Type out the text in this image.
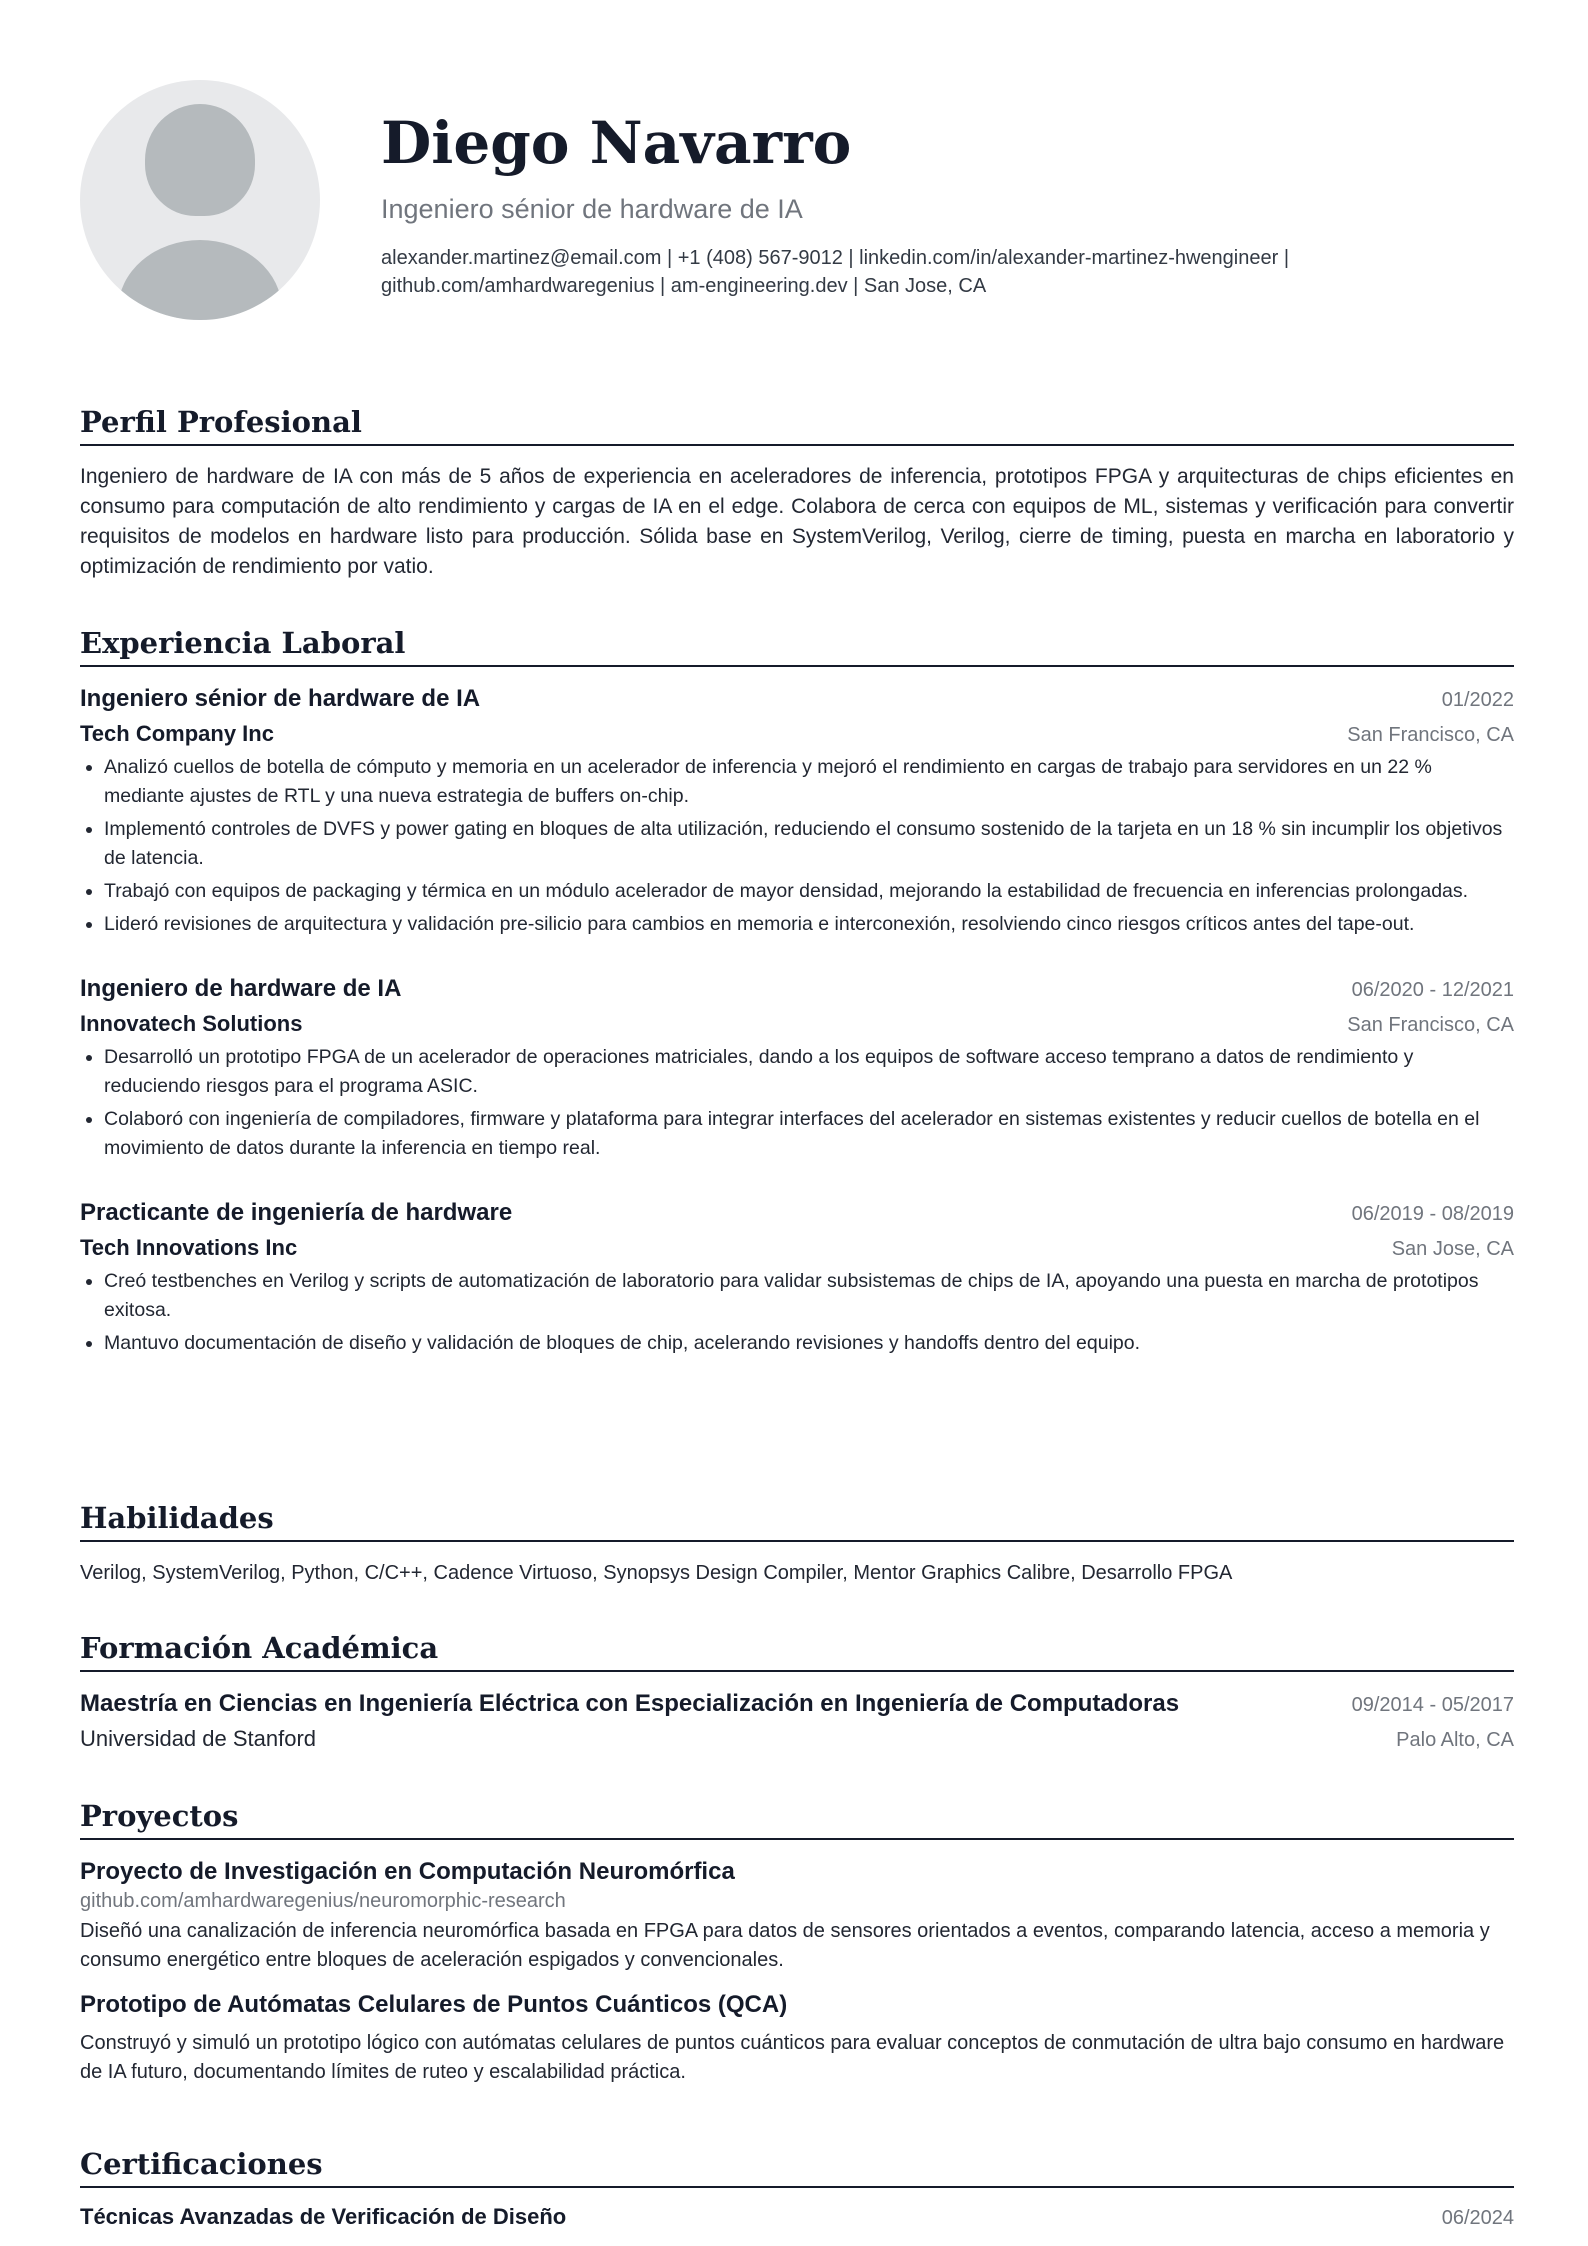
Diego Navarro
Ingeniero sénior de hardware de IA
alexander.martinez@email.com | +1 (408) 567-9012 | linkedin.com/in/alexander-martinez-hwengineer |
github.com/amhardwaregenius | am-engineering.dev | San Jose, CA
Perfil Profesional
Ingeniero de hardware de IA con más de 5 años de experiencia en aceleradores de inferencia, prototipos FPGA y arquitecturas de chips eficientes en consumo para computación de alto rendimiento y cargas de IA en el edge. Colabora de cerca con equipos de ML, sistemas y verificación para convertir requisitos de modelos en hardware listo para producción. Sólida base en SystemVerilog, Verilog, cierre de timing, puesta en marcha en laboratorio y optimización de rendimiento por vatio.
Experiencia Laboral
Ingeniero sénior de hardware de IA	01/2022
Tech Company Inc	San Francisco, CA
• Analizó cuellos de botella de cómputo y memoria en un acelerador de inferencia y mejoró el rendimiento en cargas de trabajo para servidores en un 22 % mediante ajustes de RTL y una nueva estrategia de buffers on-chip.
• Implementó controles de DVFS y power gating en bloques de alta utilización, reduciendo el consumo sostenido de la tarjeta en un 18 % sin incumplir los objetivos de latencia.
• Trabajó con equipos de packaging y térmica en un módulo acelerador de mayor densidad, mejorando la estabilidad de frecuencia en inferencias prolongadas.
• Lideró revisiones de arquitectura y validación pre-silicio para cambios en memoria e interconexión, resolviendo cinco riesgos críticos antes del tape-out.
Ingeniero de hardware de IA	06/2020 - 12/2021
Innovatech Solutions	San Francisco, CA
• Desarrolló un prototipo FPGA de un acelerador de operaciones matriciales, dando a los equipos de software acceso temprano a datos de rendimiento y reduciendo riesgos para el programa ASIC.
• Colaboró con ingeniería de compiladores, firmware y plataforma para integrar interfaces del acelerador en sistemas existentes y reducir cuellos de botella en el movimiento de datos durante la inferencia en tiempo real.
Practicante de ingeniería de hardware	06/2019 - 08/2019
Tech Innovations Inc	San Jose, CA
• Creó testbenches en Verilog y scripts de automatización de laboratorio para validar subsistemas de chips de IA, apoyando una puesta en marcha de prototipos exitosa.
• Mantuvo documentación de diseño y validación de bloques de chip, acelerando revisiones y handoffs dentro del equipo.
Habilidades
Verilog, SystemVerilog, Python, C/C++, Cadence Virtuoso, Synopsys Design Compiler, Mentor Graphics Calibre, Desarrollo FPGA
Formación Académica
Maestría en Ciencias en Ingeniería Eléctrica con Especialización en Ingeniería de Computadoras	09/2014 - 05/2017
Universidad de Stanford	Palo Alto, CA
Proyectos
Proyecto de Investigación en Computación Neuromórfica
github.com/amhardwaregenius/neuromorphic-research
Diseñó una canalización de inferencia neuromórfica basada en FPGA para datos de sensores orientados a eventos, comparando latencia, acceso a memoria y consumo energético entre bloques de aceleración espigados y convencionales.
Prototipo de Autómatas Celulares de Puntos Cuánticos (QCA)
Construyó y simuló un prototipo lógico con autómatas celulares de puntos cuánticos para evaluar conceptos de conmutación de ultra bajo consumo en hardware de IA futuro, documentando límites de ruteo y escalabilidad práctica.
Certificaciones
Técnicas Avanzadas de Verificación de Diseño	06/2024
